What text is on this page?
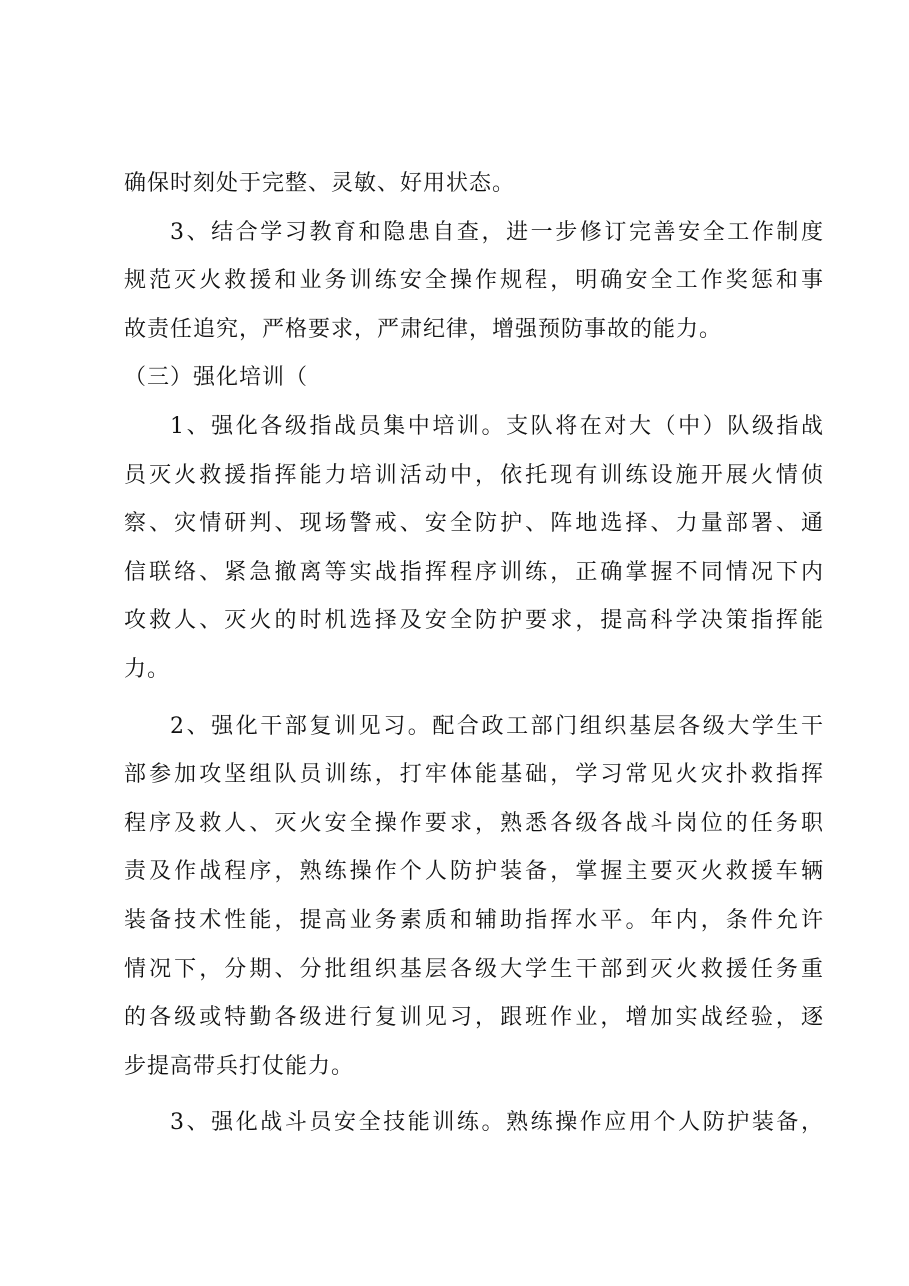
确保时刻处于完整、灵敏、好用状态。
3、结合学习教育和隐患自查，进一步修订完善安全工作制度
规范灭火救援和业务训练安全操作规程，明确安全工作奖惩和事
故责任追究，严格要求，严肃纪律，增强预防事故的能力。
（三）强化培训（
1、强化各级指战员集中培训。支队将在对大（中）队级指战
员灭火救援指挥能力培训活动中，依托现有训练设施开展火情侦
察、灾情研判、现场警戒、安全防护、阵地选择、力量部署、通
信联络、紧急撤离等实战指挥程序训练，正确掌握不同情况下内
攻救人、灭火的时机选择及安全防护要求，提高科学决策指挥能
力。
2、强化干部复训见习。配合政工部门组织基层各级大学生干
部参加攻坚组队员训练，打牢体能基础，学习常见火灾扑救指挥
程序及救人、灭火安全操作要求，熟悉各级各战斗岗位的任务职
责及作战程序，熟练操作个人防护装备，掌握主要灭火救援车辆
装备技术性能，提高业务素质和辅助指挥水平。年内，条件允许
情况下，分期、分批组织基层各级大学生干部到灭火救援任务重
的各级或特勤各级进行复训见习，跟班作业，增加实战经验，逐
步提高带兵打仗能力。
3、强化战斗员安全技能训练。熟练操作应用个人防护装备，
